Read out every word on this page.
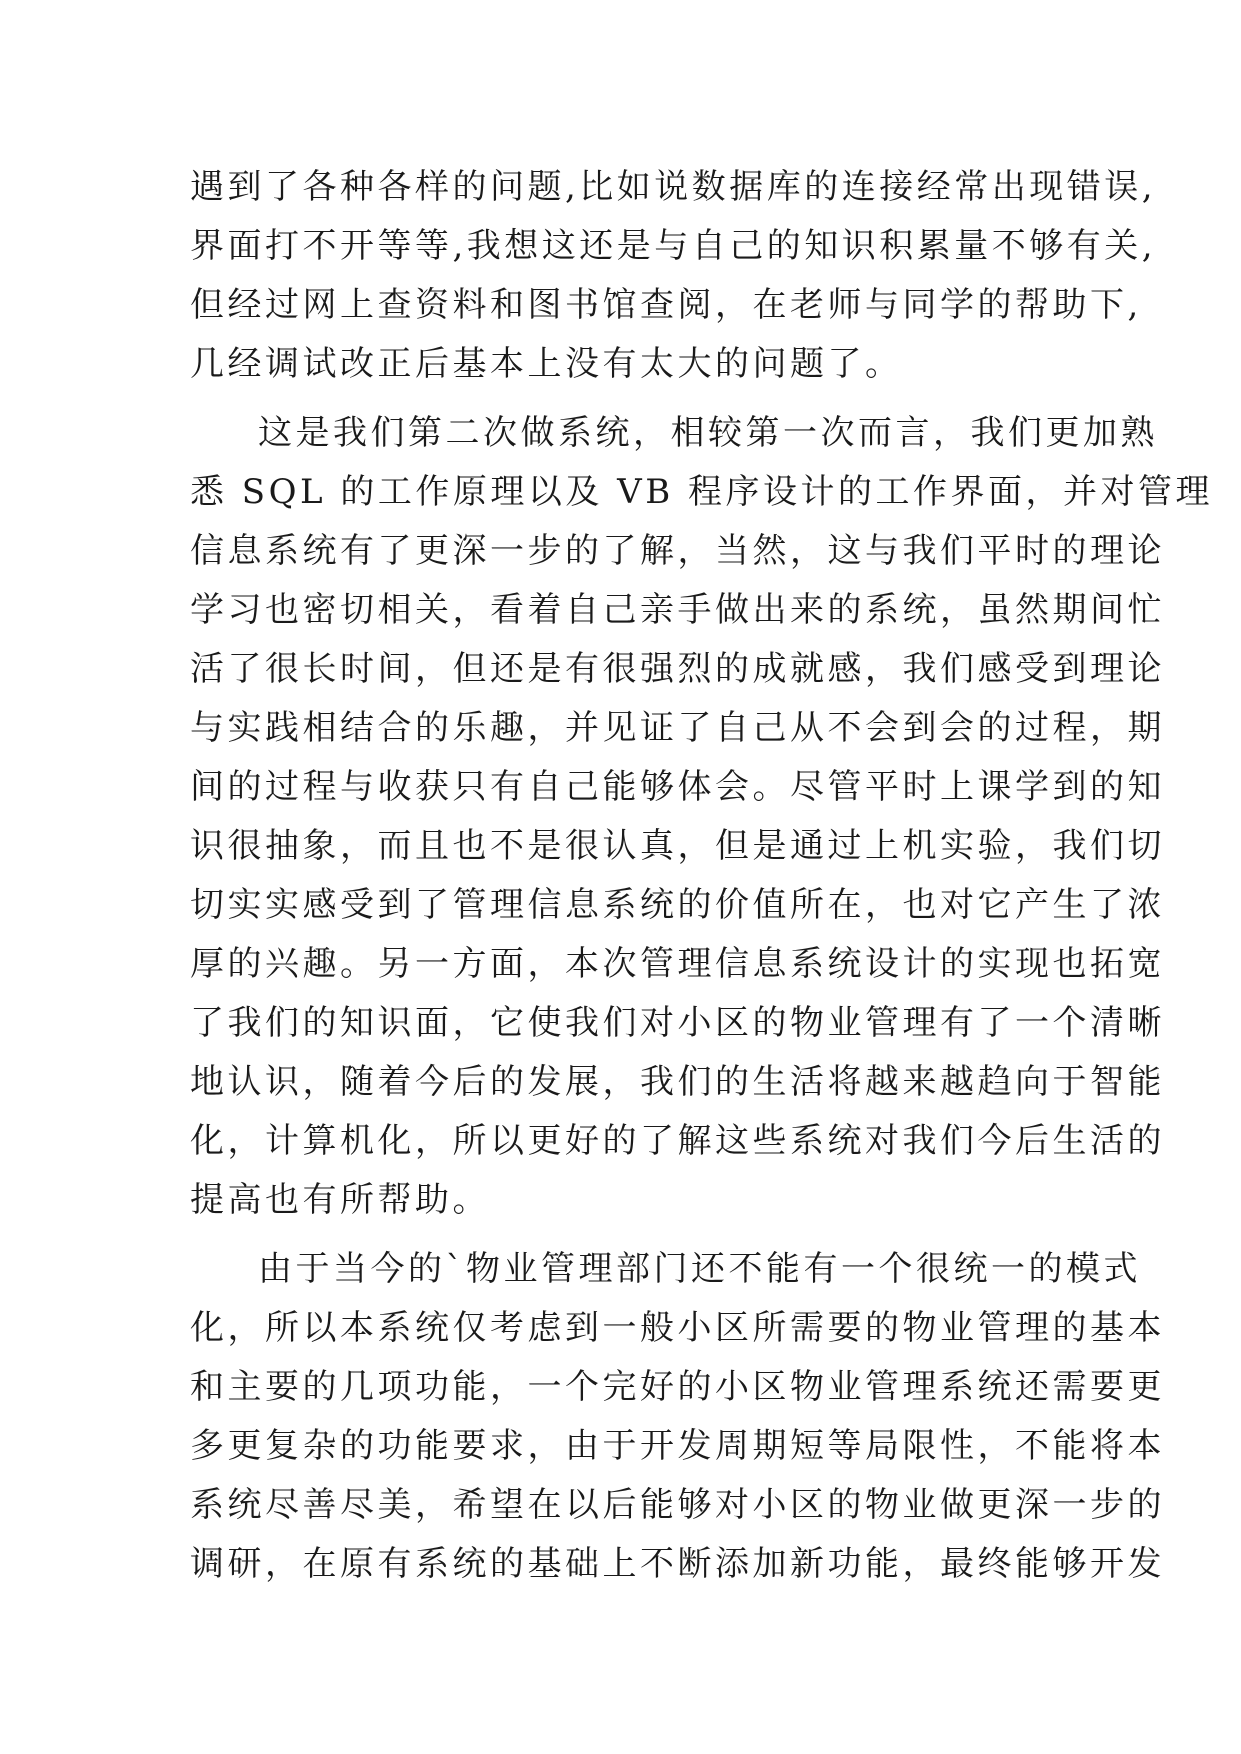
遇到了各种各样的问题,比如说数据库的连接经常出现错误,
界面打不开等等,我想这还是与自己的知识积累量不够有关,
但经过网上查资料和图书馆查阅，在老师与同学的帮助下,
几经调试改正后基本上没有太大的问题了。
这是我们第二次做系统，相较第一次而言，我们更加熟
悉 SQL 的工作原理以及 VB 程序设计的工作界面，并对管理
信息系统有了更深一步的了解，当然，这与我们平时的理论
学习也密切相关，看着自己亲手做出来的系统，虽然期间忙
活了很长时间，但还是有很强烈的成就感，我们感受到理论
与实践相结合的乐趣，并见证了自己从不会到会的过程，期
间的过程与收获只有自己能够体会。尽管平时上课学到的知
识很抽象，而且也不是很认真，但是通过上机实验，我们切
切实实感受到了管理信息系统的价值所在，也对它产生了浓
厚的兴趣。另一方面，本次管理信息系统设计的实现也拓宽
了我们的知识面，它使我们对小区的物业管理有了一个清晰
地认识，随着今后的发展，我们的生活将越来越趋向于智能
化，计算机化，所以更好的了解这些系统对我们今后生活的
提高也有所帮助。
由于当今的`物业管理部门还不能有一个很统一的模式
化，所以本系统仅考虑到一般小区所需要的物业管理的基本
和主要的几项功能，一个完好的小区物业管理系统还需要更
多更复杂的功能要求，由于开发周期短等局限性，不能将本
系统尽善尽美，希望在以后能够对小区的物业做更深一步的
调研，在原有系统的基础上不断添加新功能，最终能够开发
